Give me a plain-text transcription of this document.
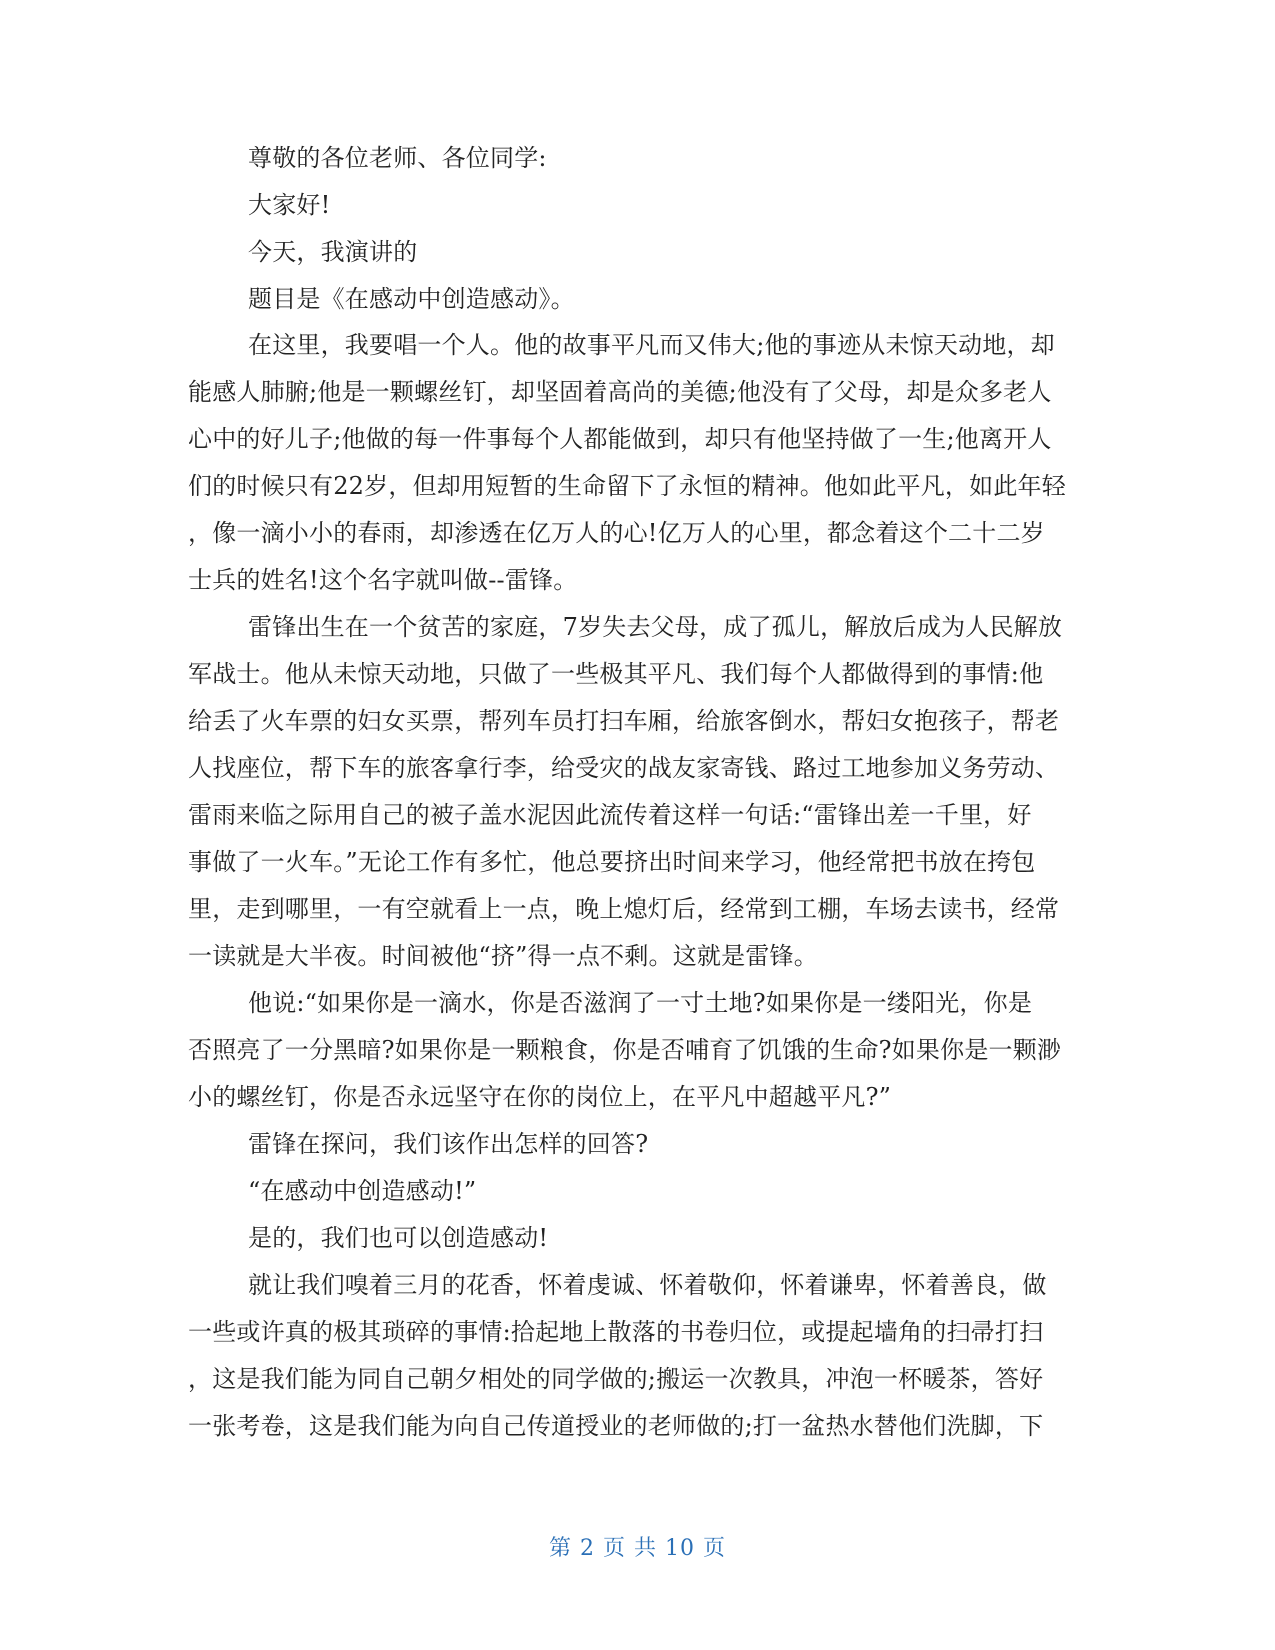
尊敬的各位老师、各位同学:
大家好!
今天，我演讲的
题目是《在感动中创造感动》。
在这里，我要唱一个人。他的故事平凡而又伟大;他的事迹从未惊天动地，却
能感人肺腑;他是一颗螺丝钉，却坚固着高尚的美德;他没有了父母，却是众多老人
心中的好儿子;他做的每一件事每个人都能做到，却只有他坚持做了一生;他离开人
们的时候只有22岁，但却用短暂的生命留下了永恒的精神。他如此平凡，如此年轻
，像一滴小小的春雨，却渗透在亿万人的心!亿万人的心里，都念着这个二十二岁
士兵的姓名!这个名字就叫做--雷锋。
雷锋出生在一个贫苦的家庭，7岁失去父母，成了孤儿，解放后成为人民解放
军战士。他从未惊天动地，只做了一些极其平凡、我们每个人都做得到的事情:他
给丢了火车票的妇女买票，帮列车员打扫车厢，给旅客倒水，帮妇女抱孩子，帮老
人找座位，帮下车的旅客拿行李，给受灾的战友家寄钱、路过工地参加义务劳动、
雷雨来临之际用自己的被子盖水泥因此流传着这样一句话:“雷锋出差一千里，好
事做了一火车。”无论工作有多忙，他总要挤出时间来学习，他经常把书放在挎包
里，走到哪里，一有空就看上一点，晚上熄灯后，经常到工棚，车场去读书，经常
一读就是大半夜。时间被他“挤”得一点不剩。这就是雷锋。
他说:“如果你是一滴水，你是否滋润了一寸土地?如果你是一缕阳光，你是
否照亮了一分黑暗?如果你是一颗粮食，你是否哺育了饥饿的生命?如果你是一颗渺
小的螺丝钉，你是否永远坚守在你的岗位上，在平凡中超越平凡?”
雷锋在探问，我们该作出怎样的回答?
“在感动中创造感动!”
是的，我们也可以创造感动!
就让我们嗅着三月的花香，怀着虔诚、怀着敬仰，怀着谦卑，怀着善良，做
一些或许真的极其琐碎的事情:拾起地上散落的书卷归位，或提起墙角的扫帚打扫
，这是我们能为同自己朝夕相处的同学做的;搬运一次教具，冲泡一杯暖茶，答好
一张考卷，这是我们能为向自己传道授业的老师做的;打一盆热水替他们洗脚，下
第 2 页 共 10 页
